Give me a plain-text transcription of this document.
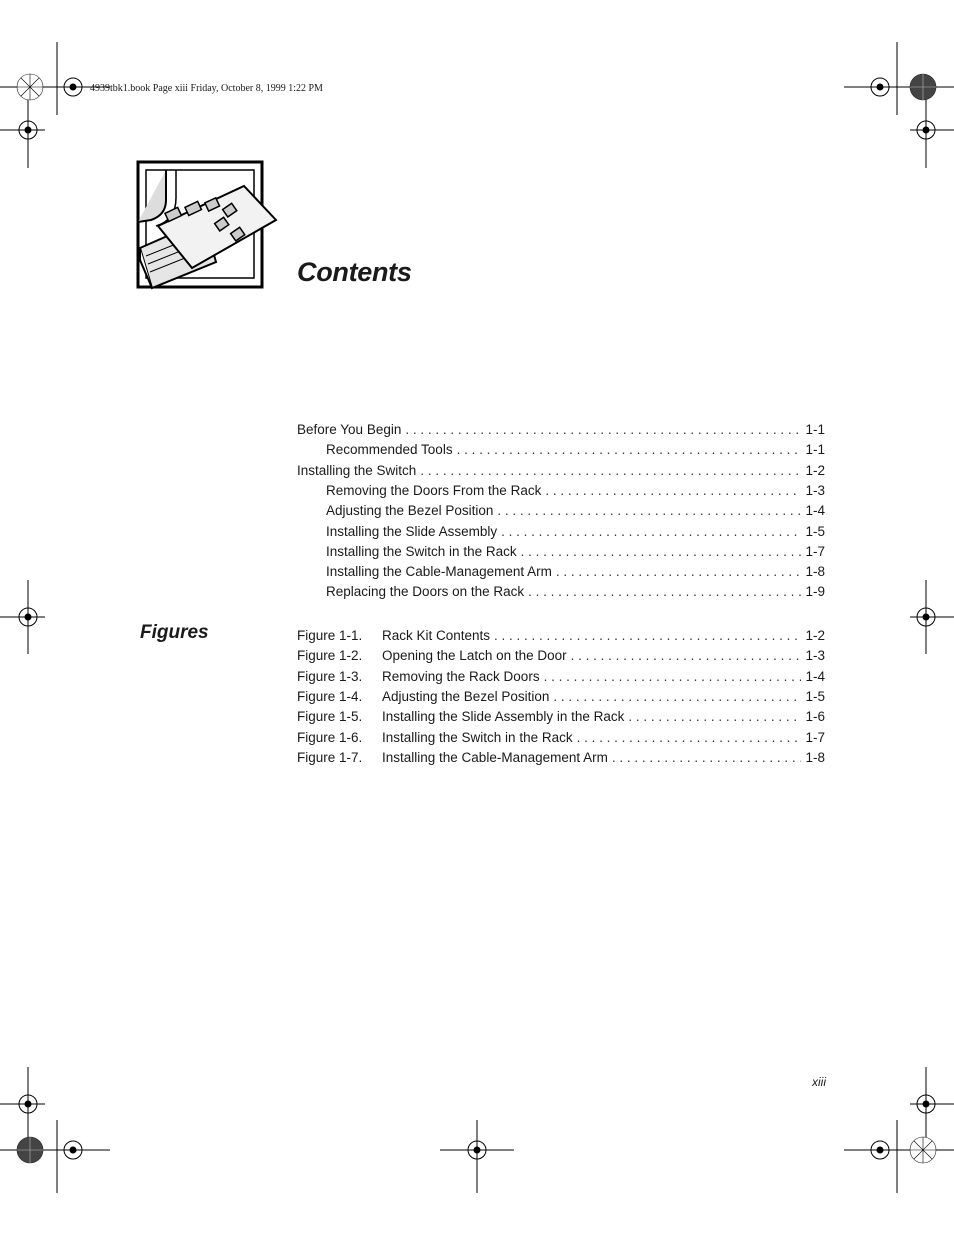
4939tbk1.book Page xiii Friday, October 8, 1999 1:22 PM
Contents
Before You Begin . . .	1-1
Recommended Tools . . .	1-1
Installing the Switch . . .	1-2
Removing the Doors From the Rack . . .	1-3
Adjusting the Bezel Position . . .	1-4
Installing the Slide Assembly . . .	1-5
Installing the Switch in the Rack . . .	1-7
Installing the Cable-Management Arm . . .	1-8
Replacing the Doors on the Rack . . .	1-9
Figures	Figure 1-1.	Rack Kit Contents . . .	1-2
Figure 1-2.	Opening the Latch on the Door . . .	1-3
Figure 1-3.	Removing the Rack Doors . . .	1-4
Figure 1-4.	Adjusting the Bezel Position . . .	1-5
Figure 1-5.	Installing the Slide Assembly in the Rack . . .	1-6
Figure 1-6.	Installing the Switch in the Rack . . .	1-7
Figure 1-7.	Installing the Cable-Management Arm . . .	1-8
xiii
